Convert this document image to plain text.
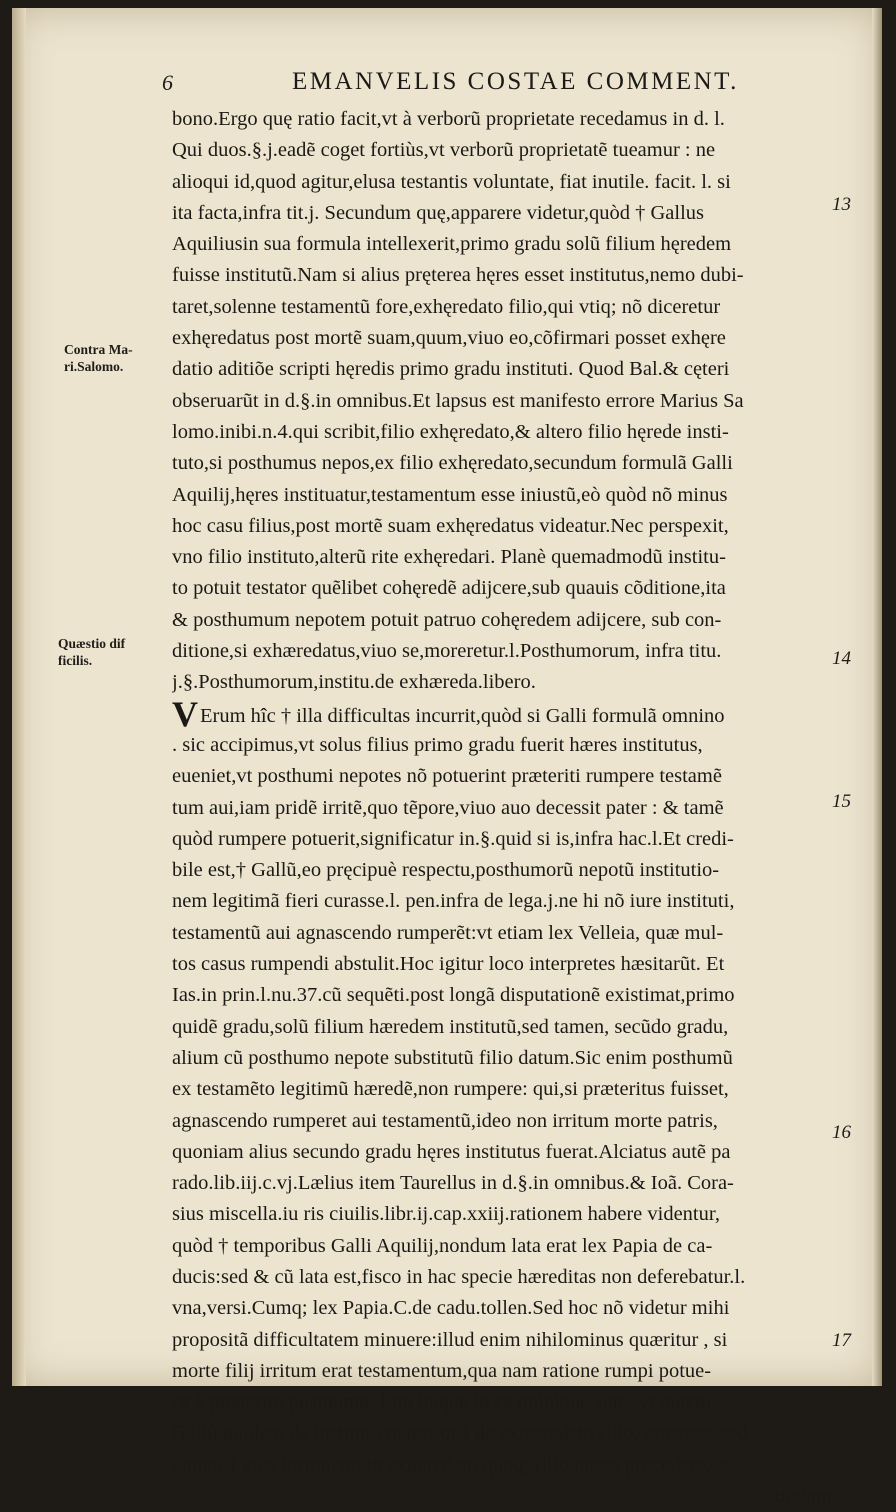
6	EMANVELIS COSTAE COMMENT.
Contra Ma-
ri.Salomo.
Quæstio dif
ficilis.
13
14
15
16
17
bono.Ergo quę ratio facit,vt à verborũ proprietate recedamus in d. l.
Qui duos.§.j.eadẽ coget fortiùs,vt verborũ proprietatẽ tueamur : ne
alioqui id,quod agitur,elusa testantis voluntate, fiat inutile. facit. l. si
ita facta,infra tit.j. Secundum quę,apparere videtur,quòd † Gallus
Aquiliusin sua formula intellexerit,primo gradu solũ filium hęredem
fuisse institutũ.Nam si alius pręterea hęres esset institutus,nemo dubi-
taret,solenne testamentũ fore,exhęredato filio,qui vtiq; nõ diceretur
exhęredatus post mortẽ suam,quum,viuo eo,cõfirmari posset exhęre
datio aditiõe scripti hęredis primo gradu instituti. Quod Bal.& cęteri
obseruarũt in d.§.in omnibus.Et lapsus est manifesto errore Marius Sa
lomo.inibi.n.4.qui scribit,filio exhęredato,& altero filio hęrede insti-
tuto,si posthumus nepos,ex filio exhęredato,secundum formulã Galli
Aquilij,hęres instituatur,testamentum esse iniustũ,eò quòd nõ minus
hoc casu filius,post mortẽ suam exhęredatus videatur.Nec perspexit,
vno filio instituto,alterũ rite exhęredari. Planè quemadmodũ institu-
to potuit testator quẽlibet cohęredẽ adijcere,sub quauis cõditione,ita
& posthumum nepotem potuit patruo cohęredem adijcere, sub con-
ditione,si exhæredatus,viuo se,moreretur.l.Posthumorum, infra titu.
j.§.Posthumorum,institu.de exhæreda.libero.
VErum hîc † illa difficultas incurrit,quòd si Galli formulã omnino
. sic accipimus,vt solus filius primo gradu fuerit hæres institutus,
eueniet,vt posthumi nepotes nõ potuerint præteriti rumpere testamẽ
tum aui,iam pridẽ irritẽ,quo tẽpore,viuo auo decessit pater : & tamẽ
quòd rumpere potuerit,significatur in.§.quid si is,infra hac.l.Et credi-
bile est,† Gallũ,eo pręcipuè respectu,posthumorũ nepotũ institutio-
nem legitimã fieri curasse.l. pen.infra de lega.j.ne hi nõ iure instituti,
testamentũ aui agnascendo rumperẽt:vt etiam lex Velleia, quæ mul-
tos casus rumpendi abstulit.Hoc igitur loco interpretes hæsitarũt. Et
Ias.in prin.l.nu.37.cũ sequẽti.post longã disputationẽ existimat,primo
quidẽ gradu,solũ filium hæredem institutũ,sed tamen, secũdo gradu,
alium cũ posthumo nepote substitutũ filio datum.Sic enim posthumũ
ex testamẽto legitimũ hæredẽ,non rumpere: qui,si præteritus fuisset,
agnascendo rumperet aui testamentũ,ideo non irritum morte patris,
quoniam alius secundo gradu hęres institutus fuerat.Alciatus autẽ pa
rado.lib.iij.c.vj.Lælius item Taurellus in d.§.in omnibus.& Ioã. Cora-
sius miscella.iu ris ciuilis.libr.ij.cap.xxiij.rationem habere videntur,
quòd † temporibus Galli Aquilij,nondum lata erat lex Papia de ca-
ducis:sed & cũ lata est,fisco in hac specie hæreditas non deferebatur.l.
vna,versi.Cumq; lex Papia.C.de cadu.tollen.Sed hoc nõ videtur mihi
propositã difficultatem minuere:illud enim nihilominus quæritur , si
morte filij irritum erat testamentum,qua nam ratione rumpi potue-
rit à præterito posthumo. Ego itaque in ea opinione sum, vt putem,
Gallũ quidem de instituto magis,quã de exhæredato filio, sensisse: sed
tamen † eius formulam in exhęredato quoq; filio,posse procedere,se-
cundum
